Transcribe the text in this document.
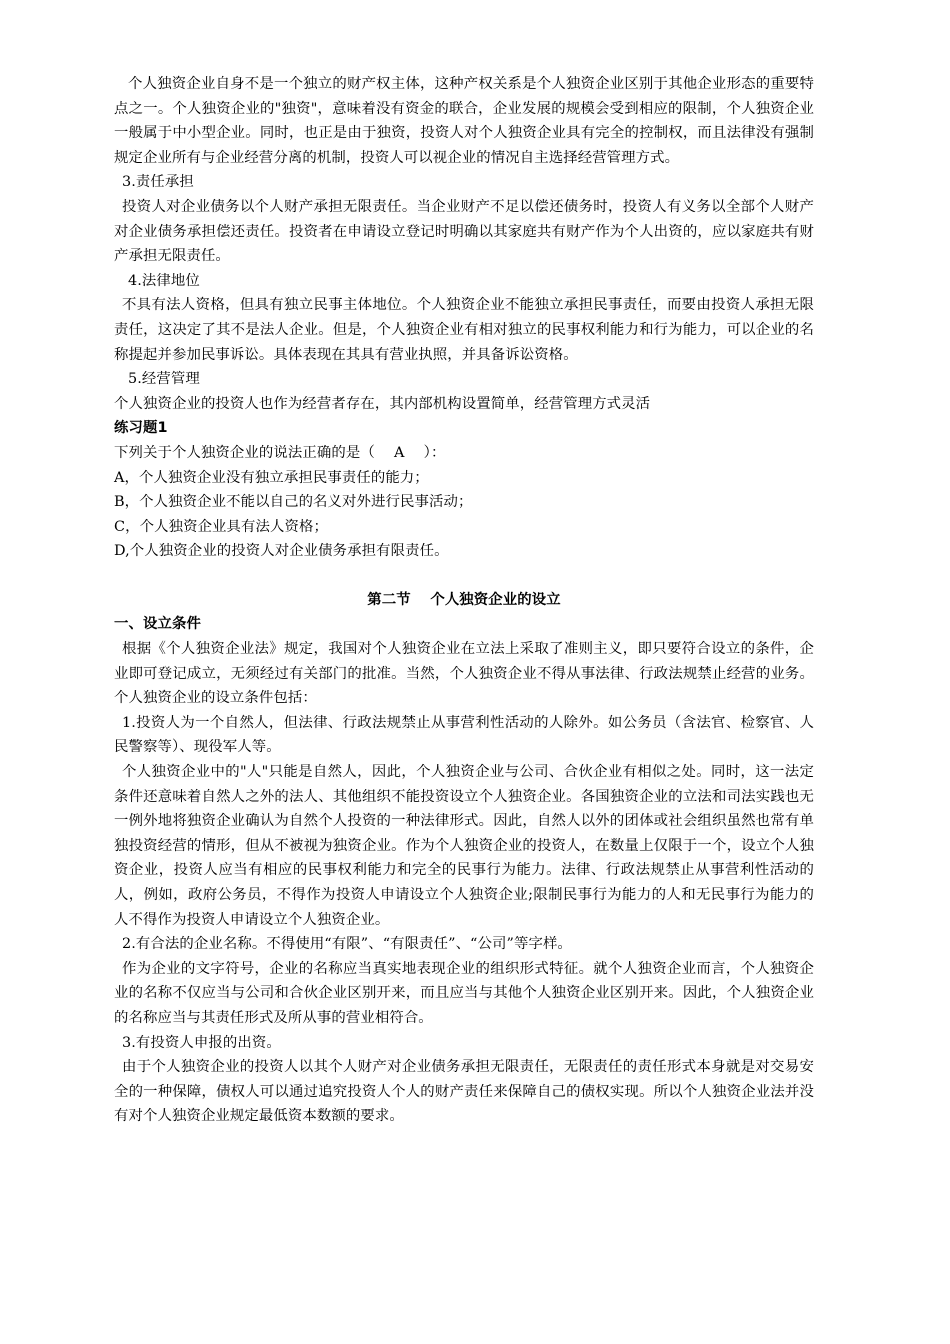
个人独资企业自身不是一个独立的财产权主体，这种产权关系是个人独资企业区别于其他企业形态的重要特点之一。个人独资企业的"独资"，意味着没有资金的联合，企业发展的规模会受到相应的限制，个人独资企业一般属于中小型企业。同时，也正是由于独资，投资人对个人独资企业具有完全的控制权，而且法律没有强制规定企业所有与企业经营分离的机制，投资人可以视企业的情况自主选择经营管理方式。

3.责任承担

投资人对企业债务以个人财产承担无限责任。当企业财产不足以偿还债务时，投资人有义务以全部个人财产对企业债务承担偿还责任。投资者在申请设立登记时明确以其家庭共有财产作为个人出资的，应以家庭共有财产承担无限责任。

4.法律地位

不具有法人资格，但具有独立民事主体地位。个人独资企业不能独立承担民事责任，而要由投资人承担无限责任，这决定了其不是法人企业。但是，个人独资企业有相对独立的民事权利能力和行为能力，可以企业的名称提起并参加民事诉讼。具体表现在其具有营业执照，并具备诉讼资格。

5.经营管理

个人独资企业的投资人也作为经营者存在，其内部机构设置简单，经营管理方式灵活

练习题1

下列关于个人独资企业的说法正确的是（　 A　 ）：

A，个人独资企业没有独立承担民事责任的能力；

B，个人独资企业不能以自己的名义对外进行民事活动；

C，个人独资企业具有法人资格；

D,个人独资企业的投资人对企业债务承担有限责任。

第二节　 个人独资企业的设立

一、设立条件

根据《个人独资企业法》规定，我国对个人独资企业在立法上采取了准则主义，即只要符合设立的条件，企业即可登记成立，无须经过有关部门的批准。当然，个人独资企业不得从事法律、行政法规禁止经营的业务。个人独资企业的设立条件包括：

1.投资人为一个自然人，但法律、行政法规禁止从事营利性活动的人除外。如公务员（含法官、检察官、人民警察等）、现役军人等。

个人独资企业中的"人"只能是自然人，因此，个人独资企业与公司、合伙企业有相似之处。同时，这一法定条件还意味着自然人之外的法人、其他组织不能投资设立个人独资企业。各国独资企业的立法和司法实践也无一例外地将独资企业确认为自然个人投资的一种法律形式。因此，自然人以外的团体或社会组织虽然也常有单独投资经营的情形，但从不被视为独资企业。作为个人独资企业的投资人，在数量上仅限于一个，设立个人独资企业，投资人应当有相应的民事权利能力和完全的民事行为能力。法律、行政法规禁止从事营利性活动的人，例如，政府公务员，不得作为投资人申请设立个人独资企业;限制民事行为能力的人和无民事行为能力的人不得作为投资人申请设立个人独资企业。

2.有合法的企业名称。不得使用“有限”、“有限责任”、“公司”等字样。

作为企业的文字符号，企业的名称应当真实地表现企业的组织形式特征。就个人独资企业而言，个人独资企业的名称不仅应当与公司和合伙企业区别开来，而且应当与其他个人独资企业区别开来。因此，个人独资企业的名称应当与其责任形式及所从事的营业相符合。

3.有投资人申报的出资。

由于个人独资企业的投资人以其个人财产对企业债务承担无限责任，无限责任的责任形式本身就是对交易安全的一种保障，债权人可以通过追究投资人个人的财产责任来保障自己的债权实现。所以个人独资企业法并没有对个人独资企业规定最低资本数额的要求。
